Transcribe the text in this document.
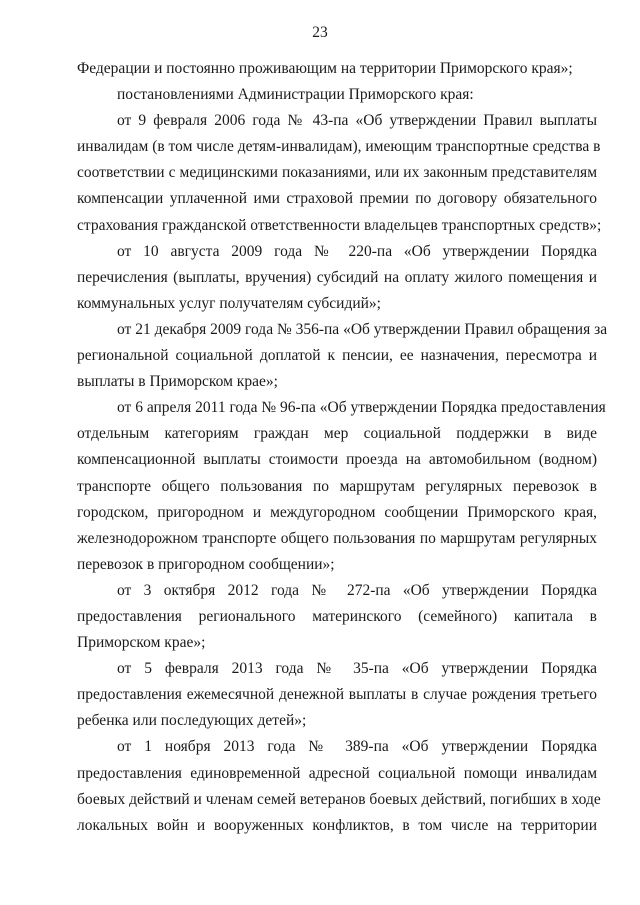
23
Федерации и постоянно проживающим на территории Приморского края»;
постановлениями Администрации Приморского края:
от 9 февраля 2006 года № 43-па «Об утверждении Правил выплаты
инвалидам (в том числе детям-инвалидам), имеющим транспортные средства в
соответствии с медицинскими показаниями, или их законным представителям
компенсации уплаченной ими страховой премии по договору обязательного
страхования гражданской ответственности владельцев транспортных средств»;
от 10 августа 2009 года № 220-па «Об утверждении Порядка
перечисления (выплаты, вручения) субсидий на оплату жилого помещения и
коммунальных услуг получателям субсидий»;
от 21 декабря 2009 года № 356-па «Об утверждении Правил обращения за
региональной социальной доплатой к пенсии, ее назначения, пересмотра и
выплаты в Приморском крае»;
от 6 апреля 2011 года № 96-па «Об утверждении Порядка предоставления
отдельным категориям граждан мер социальной поддержки в виде
компенсационной выплаты стоимости проезда на автомобильном (водном)
транспорте общего пользования по маршрутам регулярных перевозок в
городском, пригородном и междугородном сообщении Приморского края,
железнодорожном транспорте общего пользования по маршрутам регулярных
перевозок в пригородном сообщении»;
от 3 октября 2012 года № 272-па «Об утверждении Порядка
предоставления регионального материнского (семейного) капитала в
Приморском крае»;
от 5 февраля 2013 года № 35-па «Об утверждении Порядка
предоставления ежемесячной денежной выплаты в случае рождения третьего
ребенка или последующих детей»;
от 1 ноября 2013 года № 389-па «Об утверждении Порядка
предоставления единовременной адресной социальной помощи инвалидам
боевых действий и членам семей ветеранов боевых действий, погибших в ходе
локальных войн и вооруженных конфликтов, в том числе на территории
